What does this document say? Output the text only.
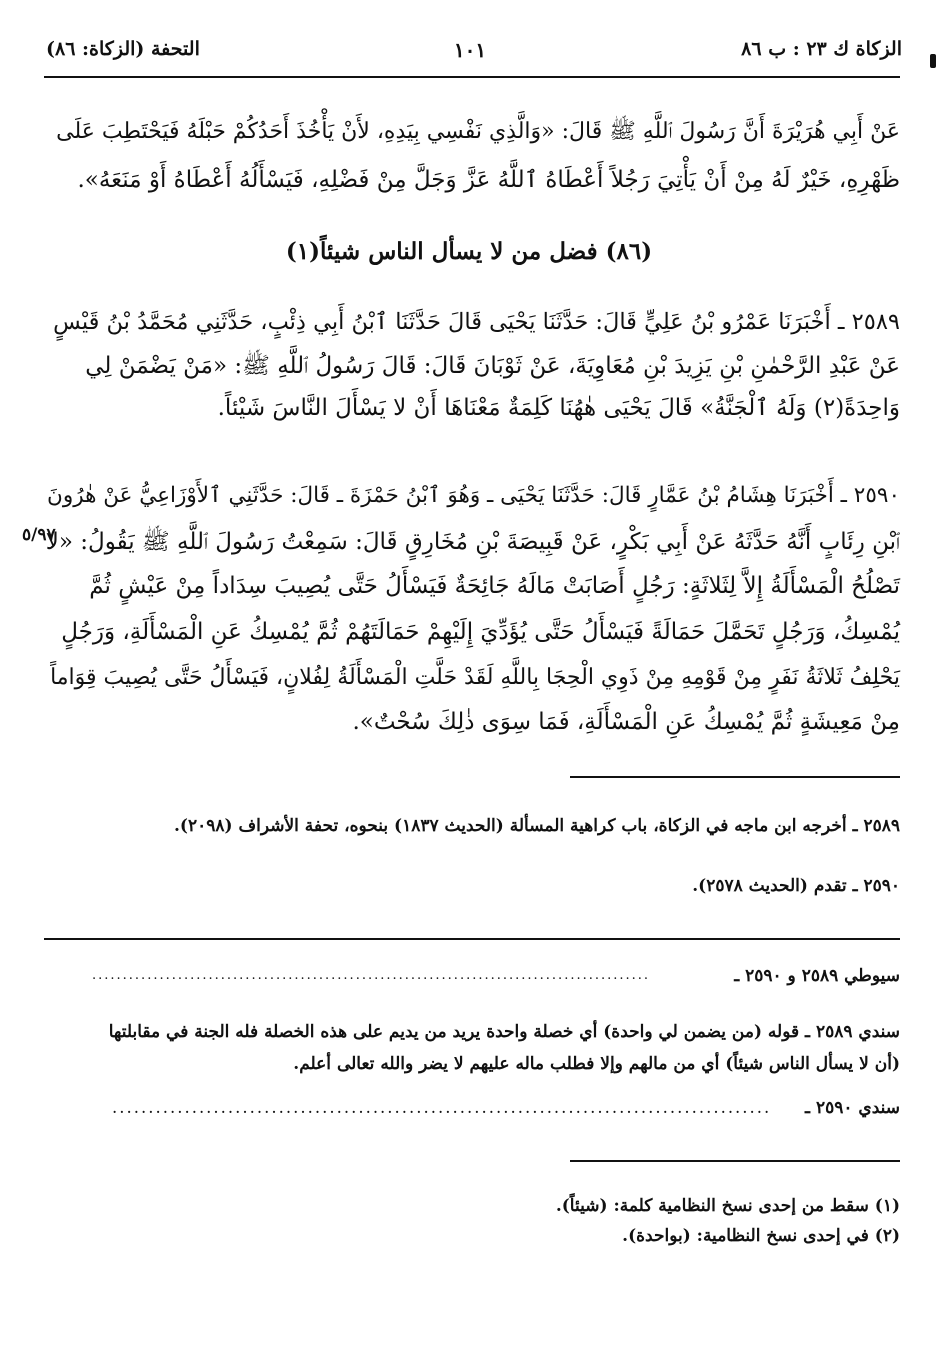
الزكاة ك ٢٣ : ب ٨٦
١٠١
التحفة (الزكاة: ٨٦)
عَنْ أَبِي هُرَيْرَةَ أَنَّ رَسُولَ ٱللَّهِ ﷺ قَالَ: «وَالَّذِي نَفْسِي بِيَدِهِ، لأَنْ يَأْخُذَ أَحَدُكُمْ حَبْلَهُ فَيَحْتَطِبَ عَلَى
ظَهْرِهِ، خَيْرٌ لَهُ مِنْ أَنْ يَأْتِيَ رَجُلاً أَعْطَاهُ ٱللَّهُ عَزَّ وَجَلَّ مِنْ فَضْلِهِ، فَيَسْأَلُهُ أَعْطَاهُ أَوْ مَنَعَهُ».
(٨٦) فضل من لا يسأل الناس شيئاً(١)
٢٥٨٩ ـ أَخْبَرَنَا عَمْرُو بْنُ عَلِيٍّ قَالَ: حَدَّثَنَا يَحْيَى قَالَ حَدَّثَنَا ٱبْنُ أَبِي ذِئْبٍ، حَدَّثَنِي مُحَمَّدُ بْنُ قَيْسٍ
عَنْ عَبْدِ الرَّحْمٰنِ بْنِ يَزِيدَ بْنِ مُعَاوِيَةَ، عَنْ ثَوْبَانَ قَالَ: قَالَ رَسُولُ ٱللَّهِ ﷺ: «مَنْ يَضْمَنْ لِي
وَاحِدَةً(٢) وَلَهُ ٱلْجَنَّةُ» قَالَ يَحْيَى هٰهُنَا كَلِمَةٌ مَعْنَاهَا أَنْ لا يَسْأَلَ النَّاسَ شَيْئاً.
٢٥٩٠ ـ أَخْبَرَنَا هِشَامُ بْنُ عَمَّارٍ قَالَ: حَدَّثَنَا يَحْيَى ـ وَهُوَ ٱبْنُ حَمْزَةَ ـ قَالَ: حَدَّثَنِي ٱلأَوْزَاعِيُّ عَنْ هٰرُونَ
ٱبْنِ رِئَابٍ أَنَّهُ حَدَّثَهُ عَنْ أَبِي بَكْرٍ، عَنْ قَبِيصَةَ بْنِ مُخَارِقٍ قَالَ: سَمِعْتُ رَسُولَ ٱللَّهِ ﷺ يَقُولُ: «لا
تَصْلُحُ الْمَسْأَلَةُ إِلاَّ لِثَلاثَةٍ: رَجُلٍ أَصَابَتْ مَالَهُ جَائِحَةٌ فَيَسْأَلُ حَتَّى يُصِيبَ سِدَاداً مِنْ عَيْشٍ ثُمَّ
يُمْسِكُ، وَرَجُلٍ تَحَمَّلَ حَمَالَةً فَيَسْأَلُ حَتَّى يُؤَدِّيَ إِلَيْهِمْ حَمَالَتَهُمْ ثُمَّ يُمْسِكُ عَنِ الْمَسْأَلَةِ، وَرَجُلٍ
يَحْلِفُ ثَلاثَةُ نَفَرٍ مِنْ قَوْمِهِ مِنْ ذَوِي الْحِجَا بِاللَّهِ لَقَدْ حَلَّتِ الْمَسْأَلَةُ لِفُلانٍ، فَيَسْأَلُ حَتَّى يُصِيبَ قِوَاماً
مِنْ مَعِيشَةٍ ثُمَّ يُمْسِكُ عَنِ الْمَسْأَلَةِ، فَمَا سِوَى ذٰلِكَ سُحْتٌ».
٥/٩٧
٢٥٨٩ ـ أخرجه ابن ماجه في الزكاة، باب كراهية المسألة (الحديث ١٨٣٧) بنحوه، تحفة الأشراف (٢٠٩٨).
٢٥٩٠ ـ تقدم (الحديث ٢٥٧٨).
سيوطي ٢٥٨٩ و ٢٥٩٠ ـ
...........................................................................................
سندي ٢٥٨٩ ـ قوله (من يضمن لي واحدة) أي خصلة واحدة يريد من يديم على هذه الخصلة فله الجنة في مقابلتها
(أن لا يسأل الناس شيئاً) أي من مالهم وإلا فطلب ماله عليهم لا يضر والله تعالى أعلم.
سندي ٢٥٩٠ ـ
...........................................................................................
(١) سقط من إحدى نسخ النظامية كلمة: (شيئاً).
(٢) في إحدى نسخ النظامية: (بواحدة).
